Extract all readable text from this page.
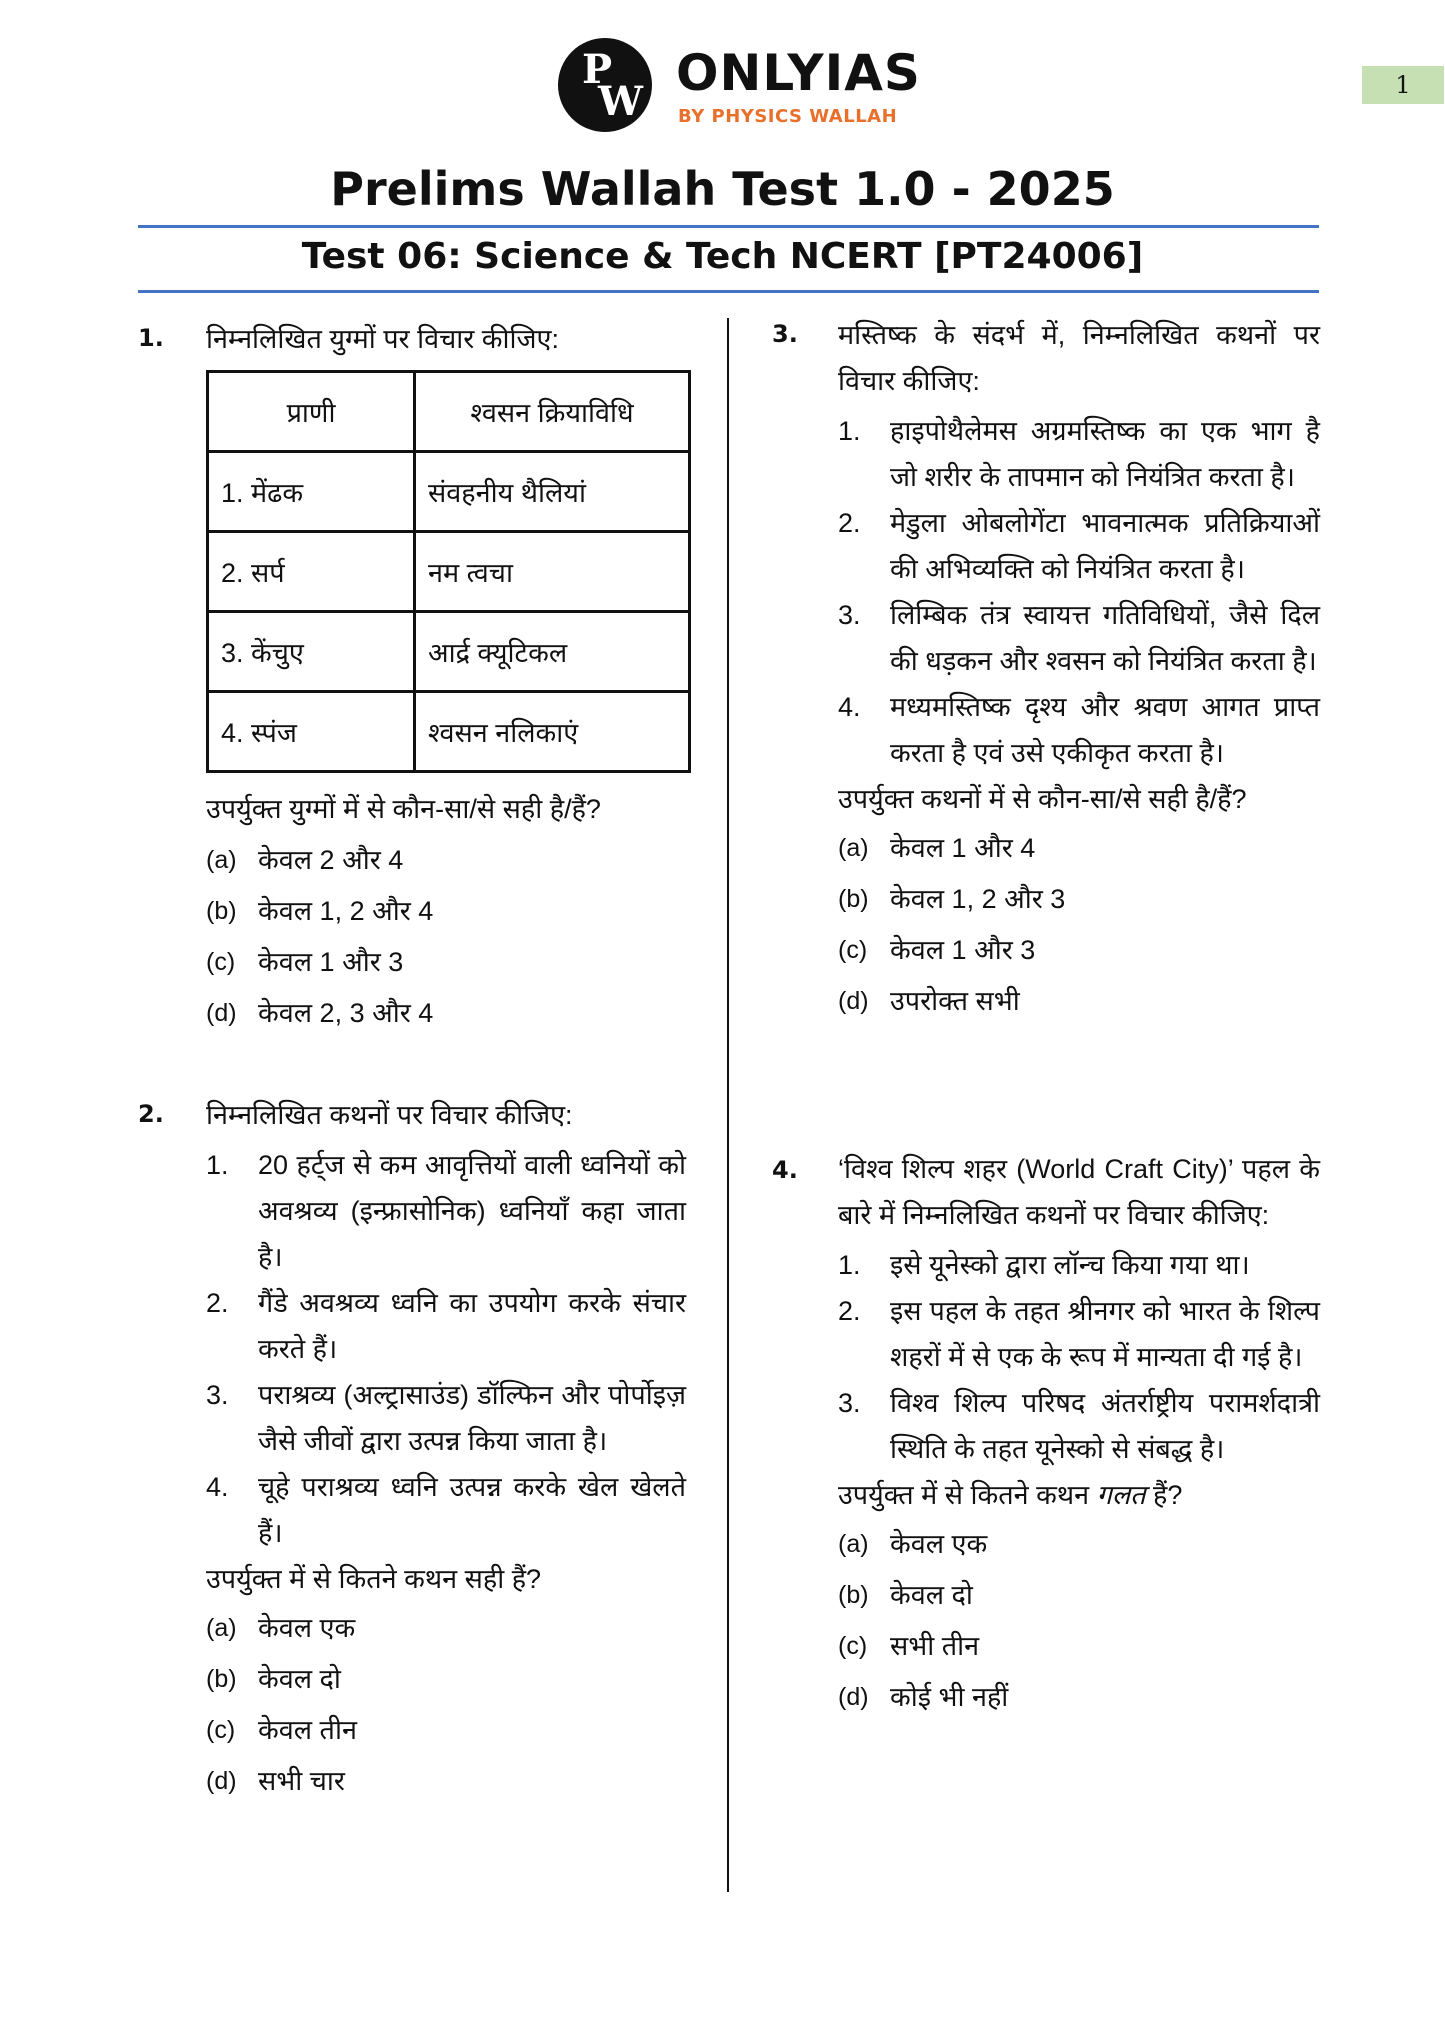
P
W ONLYIAS
BY PHYSICS WALLAH
1
Prelims Wallah Test 1.0 - 2025
Test 06: Science & Tech NCERT [PT24006]
1. निम्नलिखित युग्मों पर विचार कीजिए:
प्राणी	श्वसन क्रियाविधि
1. मेंढक	संवहनीय थैलियां
2. सर्प	नम त्वचा
3. केंचुए	आर्द्र क्यूटिकल
4. स्पंज	श्वसन नलिकाएं
उपर्युक्त युग्मों में से कौन-सा/से सही है/हैं?
(a) केवल 2 और 4
(b) केवल 1, 2 और 4
(c) केवल 1 और 3
(d) केवल 2, 3 और 4
2. निम्नलिखित कथनों पर विचार कीजिए:
1.	20 हर्ट्ज से कम आवृत्तियों वाली ध्वनियों को अवश्रव्य (इन्फ्रासोनिक) ध्वनियाँ कहा जाता है।
2.	गैंडे अवश्रव्य ध्वनि का उपयोग करके संचार करते हैं।
3.	पराश्रव्य (अल्ट्रासाउंड) डॉल्फिन और पोर्पोइज़ जैसे जीवों द्वारा उत्पन्न किया जाता है।
4.	चूहे पराश्रव्य ध्वनि उत्पन्न करके खेल खेलते हैं।
उपर्युक्त में से कितने कथन सही हैं?
(a) केवल एक
(b) केवल दो
(c) केवल तीन
(d) सभी चार
3. मस्तिष्क के संदर्भ में, निम्नलिखित कथनों पर विचार कीजिए:
1.	हाइपोथैलेमस अग्रमस्तिष्क का एक भाग है जो शरीर के तापमान को नियंत्रित करता है।
2.	मेडुला ओबलोगेंटा भावनात्मक प्रतिक्रियाओं की अभिव्यक्ति को नियंत्रित करता है।
3.	लिम्बिक तंत्र स्वायत्त गतिविधियों, जैसे दिल की धड़कन और श्वसन को नियंत्रित करता है।
4.	मध्यमस्तिष्क दृश्य और श्रवण आगत प्राप्त करता है एवं उसे एकीकृत करता है।
उपर्युक्त कथनों में से कौन-सा/से सही है/हैं?
(a) केवल 1 और 4
(b) केवल 1, 2 और 3
(c) केवल 1 और 3
(d) उपरोक्त सभी
4. ‘विश्व शिल्प शहर (World Craft City)’ पहल के बारे में निम्नलिखित कथनों पर विचार कीजिए:
1.	इसे यूनेस्को द्वारा लॉन्च किया गया था।
2.	इस पहल के तहत श्रीनगर को भारत के शिल्प शहरों में से एक के रूप में मान्यता दी गई है।
3.	विश्व शिल्प परिषद अंतर्राष्ट्रीय परामर्शदात्री स्थिति के तहत यूनेस्को से संबद्ध है।
उपर्युक्त में से कितने कथन गलत हैं?
(a) केवल एक
(b) केवल दो
(c) सभी तीन
(d) कोई भी नहीं
